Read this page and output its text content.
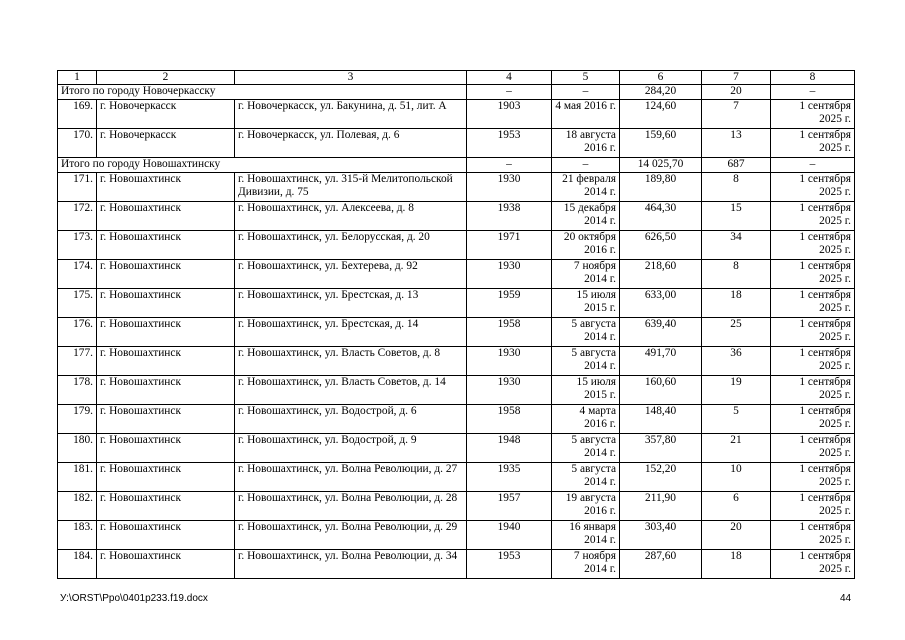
1	2	3	4	5	6	7	8
Итого по городу Новочеркасску			–	–	284,20	20	–
169.	г. Новочеркасск	г. Новочеркасск, ул. Бакунина, д. 51, лит. А	1903	4 мая 2016 г.	124,60	7	1 сентября 2025 г.
170.	г. Новочеркасск	г. Новочеркасск, ул. Полевая, д. 6	1953	18 августа 2016 г.	159,60	13	1 сентября 2025 г.
Итого по городу Новошахтинску			–	–	14 025,70	687	–
171.	г. Новошахтинск	г. Новошахтинск, ул. 315-й Мелитопольской Дивизии, д. 75	1930	21 февраля 2014 г.	189,80	8	1 сентября 2025 г.
172.	г. Новошахтинск	г. Новошахтинск, ул. Алексеева, д. 8	1938	15 декабря 2014 г.	464,30	15	1 сентября 2025 г.
173.	г. Новошахтинск	г. Новошахтинск, ул. Белорусская, д. 20	1971	20 октября 2016 г.	626,50	34	1 сентября 2025 г.
174.	г. Новошахтинск	г. Новошахтинск, ул. Бехтерева, д. 92	1930	7 ноября 2014 г.	218,60	8	1 сентября 2025 г.
175.	г. Новошахтинск	г. Новошахтинск, ул. Брестская, д. 13	1959	15 июля 2015 г.	633,00	18	1 сентября 2025 г.
176.	г. Новошахтинск	г. Новошахтинск, ул. Брестская, д. 14	1958	5 августа 2014 г.	639,40	25	1 сентября 2025 г.
177.	г. Новошахтинск	г. Новошахтинск, ул. Власть Советов, д. 8	1930	5 августа 2014 г.	491,70	36	1 сентября 2025 г.
178.	г. Новошахтинск	г. Новошахтинск, ул. Власть Советов, д. 14	1930	15 июля 2015 г.	160,60	19	1 сентября 2025 г.
179.	г. Новошахтинск	г. Новошахтинск, ул. Водострой, д. 6	1958	4 марта 2016 г.	148,40	5	1 сентября 2025 г.
180.	г. Новошахтинск	г. Новошахтинск, ул. Водострой, д. 9	1948	5 августа 2014 г.	357,80	21	1 сентября 2025 г.
181.	г. Новошахтинск	г. Новошахтинск, ул. Волна Революции, д. 27	1935	5 августа 2014 г.	152,20	10	1 сентября 2025 г.
182.	г. Новошахтинск	г. Новошахтинск, ул. Волна Революции, д. 28	1957	19 августа 2016 г.	211,90	6	1 сентября 2025 г.
183.	г. Новошахтинск	г. Новошахтинск, ул. Волна Революции, д. 29	1940	16 января 2014 г.	303,40	20	1 сентября 2025 г.
184.	г. Новошахтинск	г. Новошахтинск, ул. Волна Революции, д. 34	1953	7 ноября 2014 г.	287,60	18	1 сентября 2025 г.
У:\ORST\Ppo\0401p233.f19.docx	44
